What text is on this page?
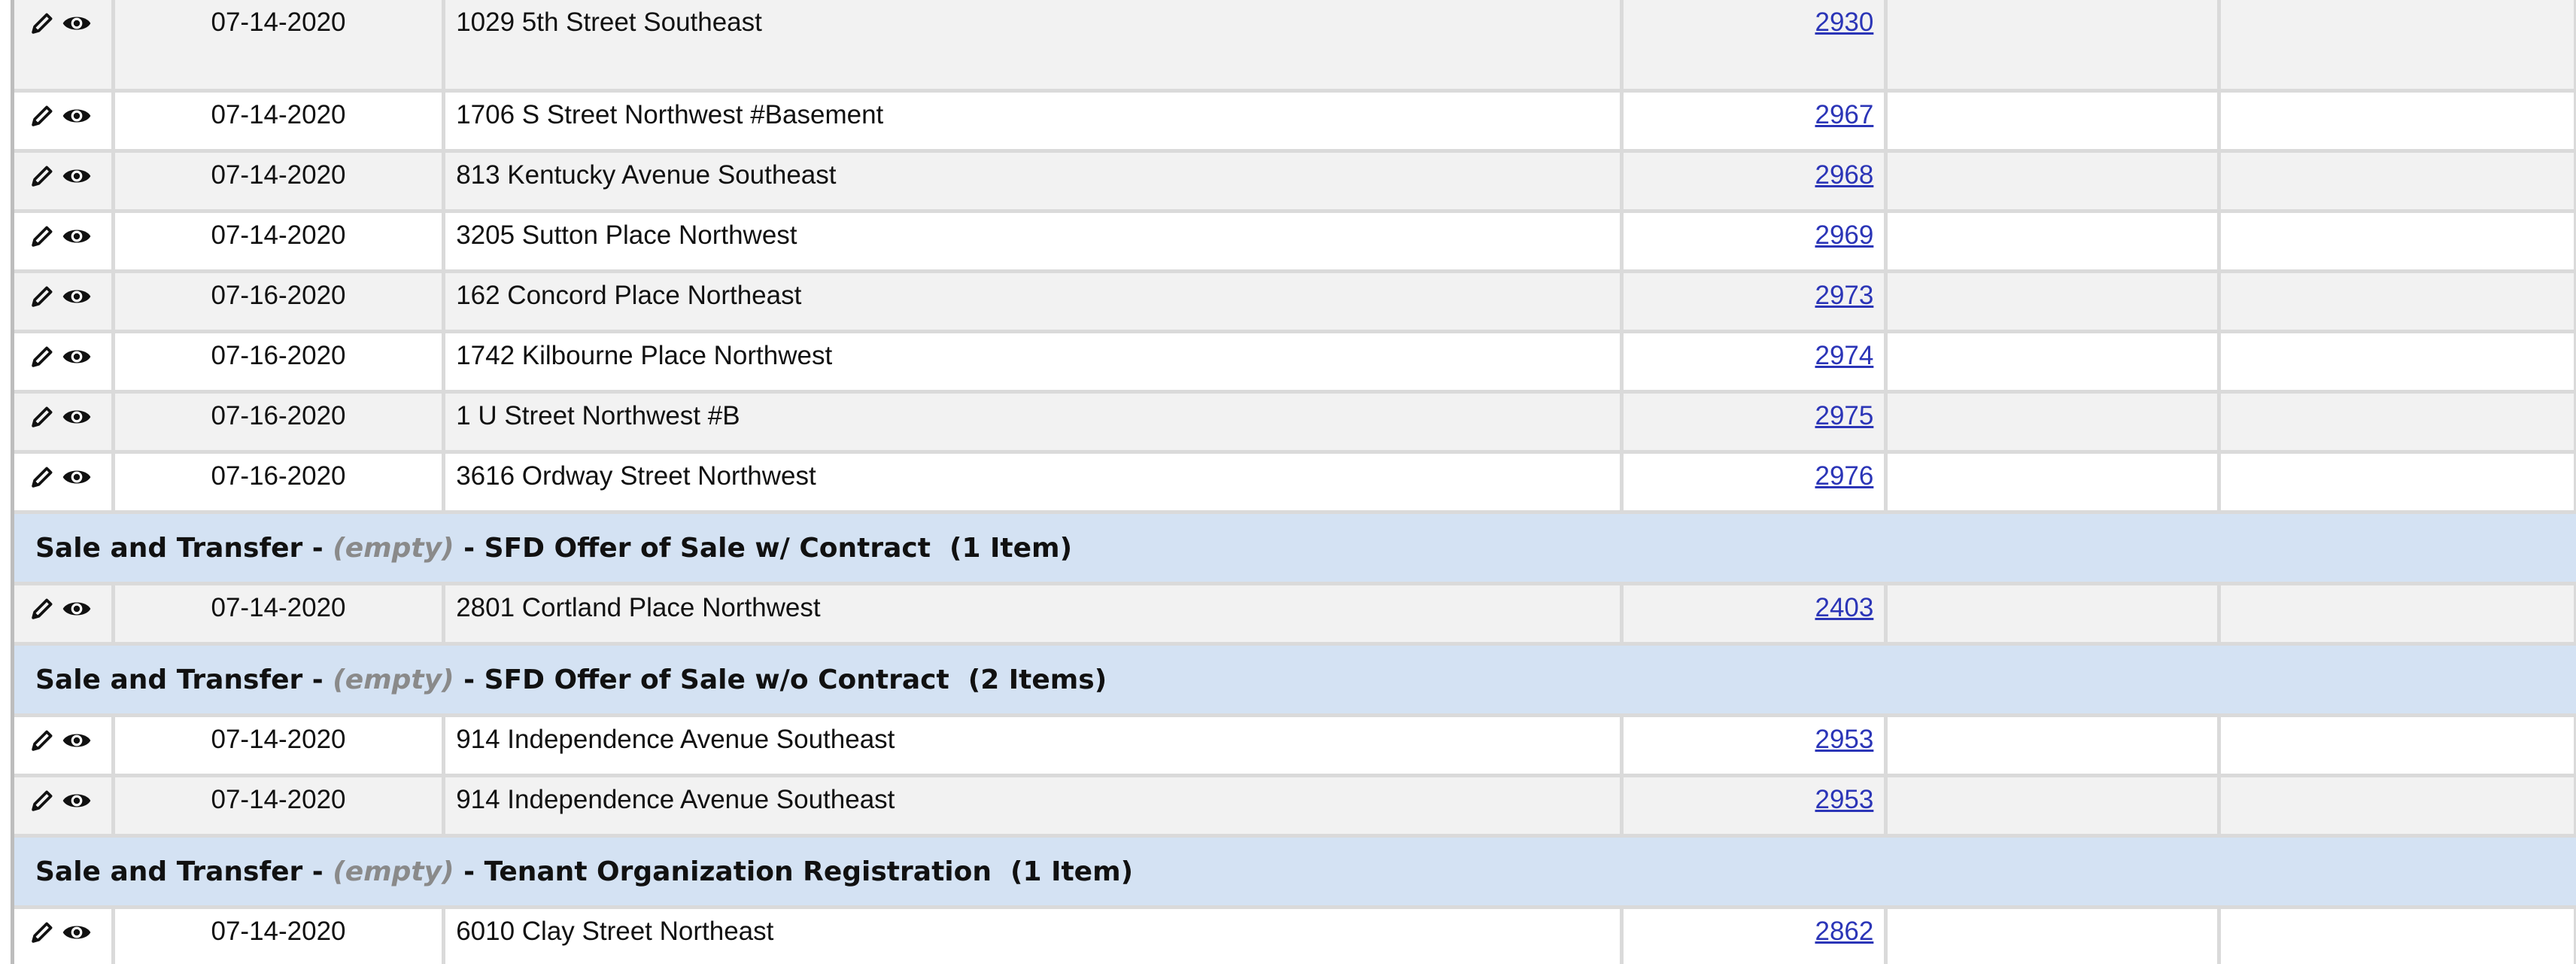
07-14-2020	1029 5th Street Southeast	2930
07-14-2020	1706 S Street Northwest #Basement	2967
07-14-2020	813 Kentucky Avenue Southeast	2968
07-14-2020	3205 Sutton Place Northwest	2969
07-16-2020	162 Concord Place Northeast	2973
07-16-2020	1742 Kilbourne Place Northwest	2974
07-16-2020	1 U Street Northwest #B	2975
07-16-2020	3616 Ordway Street Northwest	2976
Sale and Transfer - (empty) - SFD Offer of Sale w/ Contract  (1 Item)
07-14-2020	2801 Cortland Place Northwest	2403
Sale and Transfer - (empty) - SFD Offer of Sale w/o Contract  (2 Items)
07-14-2020	914 Independence Avenue Southeast	2953
07-14-2020	914 Independence Avenue Southeast	2953
Sale and Transfer - (empty) - Tenant Organization Registration  (1 Item)
07-14-2020	6010 Clay Street Northeast	2862
